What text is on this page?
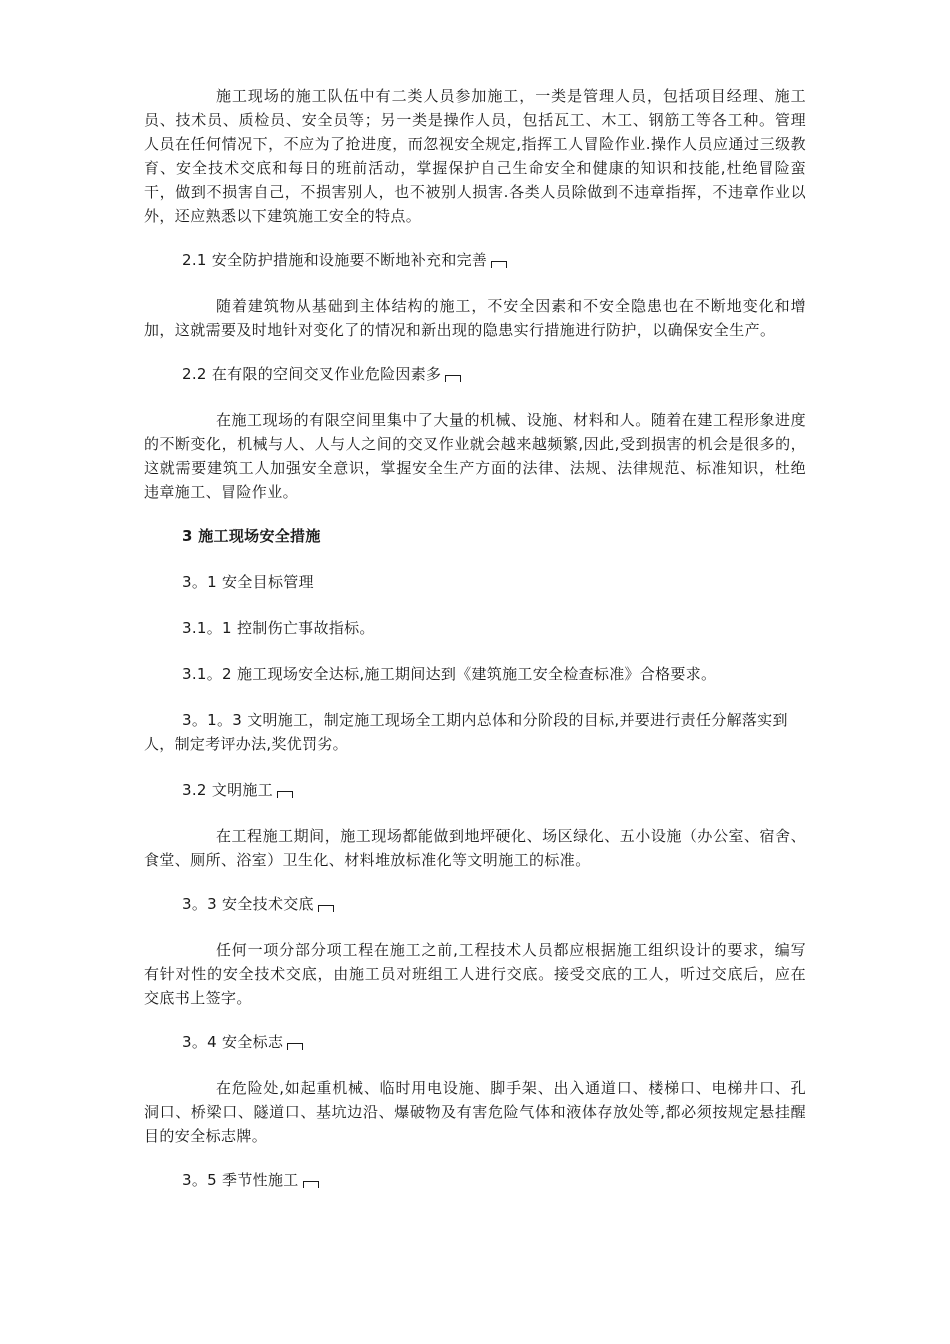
施工现场的施工队伍中有二类人员参加施工，一类是管理人员，包括项目经理、施工员、技术员、质检员、安全员等；另一类是操作人员，包括瓦工、木工、钢筋工等各工种。管理人员在任何情况下，不应为了抢进度，而忽视安全规定,指挥工人冒险作业.操作人员应通过三级教育、安全技术交底和每日的班前活动，掌握保护自己生命安全和健康的知识和技能,杜绝冒险蛮干，做到不损害自己，不损害别人，也不被别人损害.各类人员除做到不违章指挥，不违章作业以外，还应熟悉以下建筑施工安全的特点。

2.1 安全防护措施和设施要不断地补充和完善

随着建筑物从基础到主体结构的施工，不安全因素和不安全隐患也在不断地变化和增加，这就需要及时地针对变化了的情况和新出现的隐患实行措施进行防护，以确保安全生产。

2.2 在有限的空间交叉作业危险因素多

在施工现场的有限空间里集中了大量的机械、设施、材料和人。随着在建工程形象进度的不断变化，机械与人、人与人之间的交叉作业就会越来越频繁,因此,受到损害的机会是很多的，这就需要建筑工人加强安全意识，掌握安全生产方面的法律、法规、法律规范、标准知识，杜绝违章施工、冒险作业。

3 施工现场安全措施

3。1 安全目标管理

3.1。1 控制伤亡事故指标。

3.1。2 施工现场安全达标,施工期间达到《建筑施工安全检查标准》合格要求。

3。1。3 文明施工，制定施工现场全工期内总体和分阶段的目标,并要进行责任分解落实到人，制定考评办法,奖优罚劣。

3.2 文明施工

在工程施工期间，施工现场都能做到地坪硬化、场区绿化、五小设施（办公室、宿舍、食堂、厕所、浴室）卫生化、材料堆放标准化等文明施工的标准。

3。3 安全技术交底

任何一项分部分项工程在施工之前,工程技术人员都应根据施工组织设计的要求，编写有针对性的安全技术交底，由施工员对班组工人进行交底。接受交底的工人，听过交底后，应在交底书上签字。

3。4 安全标志

在危险处,如起重机械、临时用电设施、脚手架、出入通道口、楼梯口、电梯井口、孔洞口、桥梁口、隧道口、基坑边沿、爆破物及有害危险气体和液体存放处等,都必须按规定悬挂醒目的安全标志牌。

3。5 季节性施工
